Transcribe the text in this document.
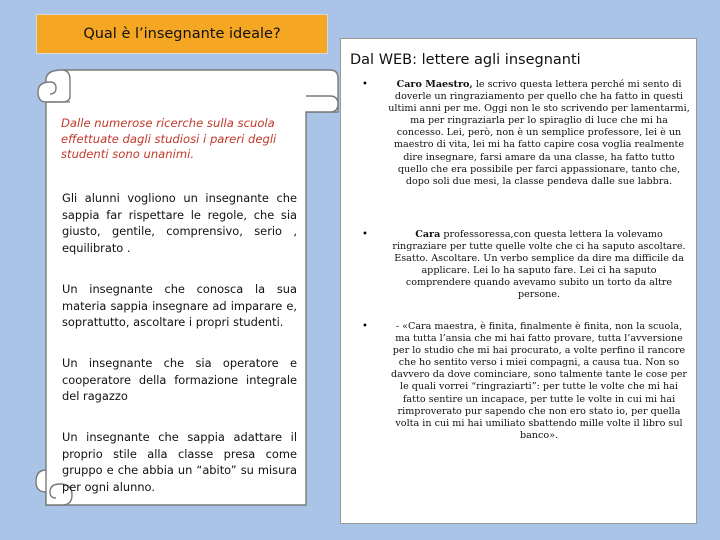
Qual è l’insegnante ideale?
Dalle numerose ricerche sulla scuola effettuate dagli studiosi i pareri degli studenti sono unanimi.
Gli alunni vogliono un insegnante che sappia far rispettare le regole, che sia giusto, gentile, comprensivo, serio , equilibrato .
Un insegnante che conosca la sua materia sappia insegnare ad imparare e, soprattutto, ascoltare i propri studenti.
Un insegnante che sia operatore e cooperatore della formazione integrale del ragazzo
Un insegnante che sappia adattare il proprio stile alla classe presa come gruppo e che abbia un “abito” su misura per ogni alunno.
Dal WEB: lettere agli insegnanti
•	Caro Maestro, le scrivo questa lettera perché mi sento di doverle un ringraziamento per quello che ha fatto in questi ultimi anni per me. Oggi non le sto scrivendo per lamentarmi, ma per ringraziarla per lo spiraglio di luce che mi ha concesso. Lei, però, non è un semplice professore, lei è un maestro di vita, lei mi ha fatto capire cosa voglia realmente dire insegnare, farsi amare da una classe, ha fatto tutto quello che era possibile per farci appassionare, tanto che, dopo soli due mesi, la classe pendeva dalle sue labbra.
•	Cara professoressa,con questa lettera la volevamo ringraziare per tutte quelle volte che ci ha saputo ascoltare. Esatto. Ascoltare. Un verbo semplice da dire ma difficile da applicare. Lei lo ha saputo fare. Lei ci ha saputo comprendere quando avevamo subito un torto da altre persone.
•	- «Cara maestra, è finita, finalmente è finita, non la scuola, ma tutta l’ansia che mi hai fatto provare, tutta l’avversione per lo studio che mi hai procurato, a volte perfino il rancore che ho sentito verso i miei compagni, a causa tua. Non so davvero da dove cominciare, sono talmente tante le cose per le quali vorrei “ringraziarti”: per tutte le volte che mi hai fatto sentire un incapace, per tutte le volte in cui mi hai rimproverato pur sapendo che non ero stato io, per quella volta in cui mi hai umiliato sbattendo mille volte il libro sul banco».
